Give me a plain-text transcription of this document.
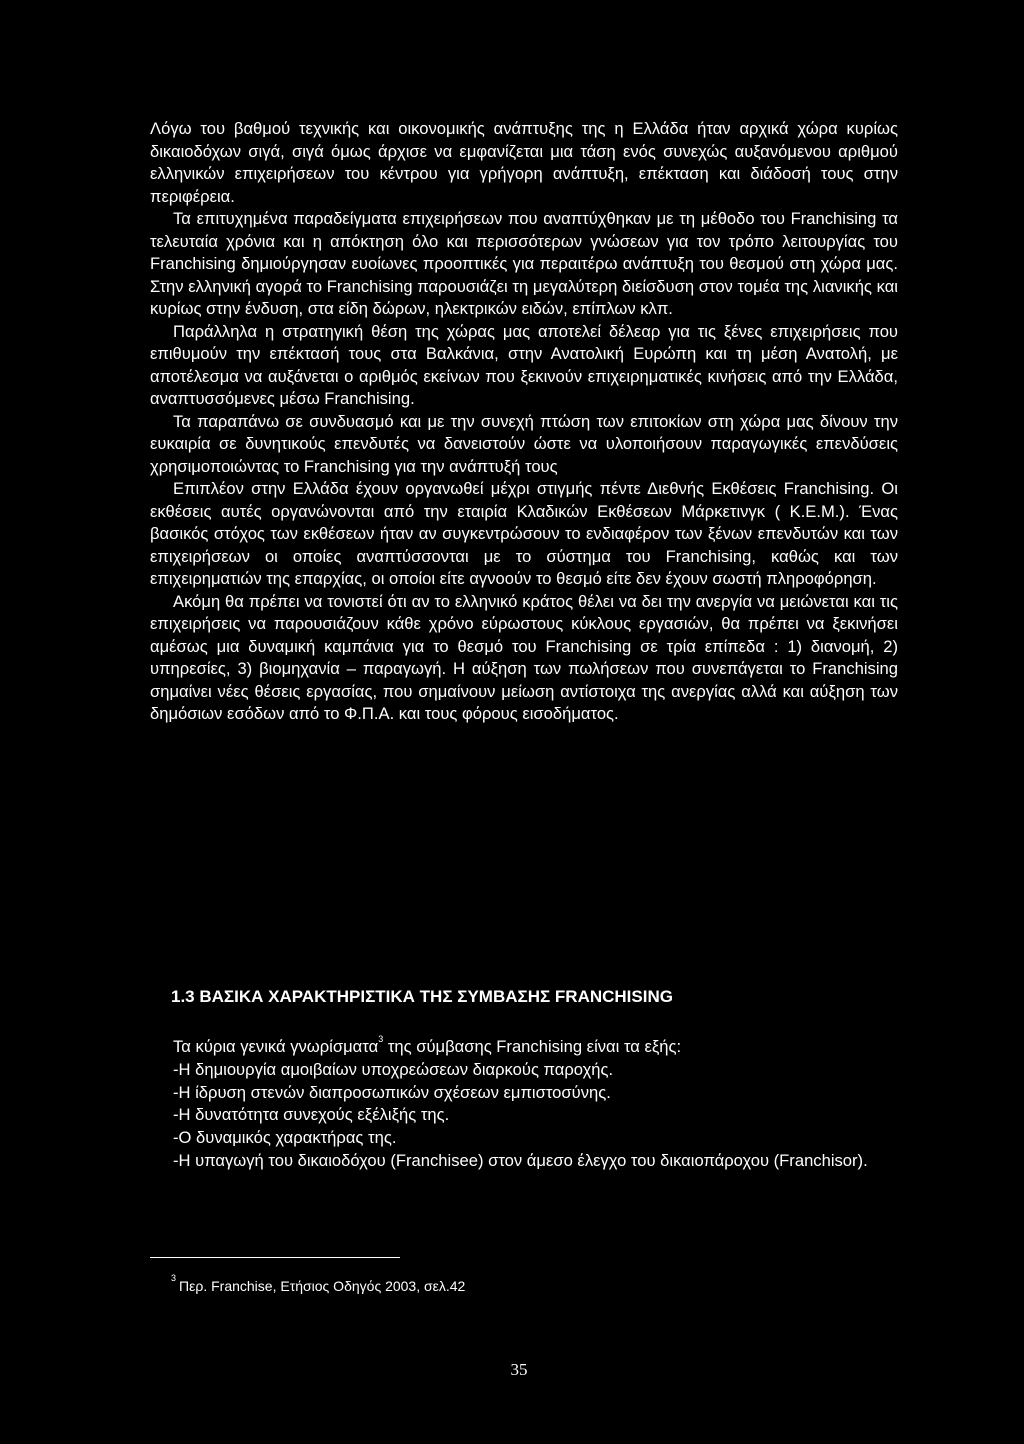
Λόγω του βαθμού τεχνικής και οικονομικής ανάπτυξης της η Ελλάδα ήταν αρχικά χώρα κυρίως δικαιοδόχων σιγά, σιγά όμως άρχισε να εμφανίζεται μια τάση ενός συνεχώς αυξανόμενου αριθμού ελληνικών επιχειρήσεων του κέντρου για γρήγορη ανάπτυξη, επέκταση και διάδοσή τους στην περιφέρεια.

Τα επιτυχημένα παραδείγματα επιχειρήσεων που αναπτύχθηκαν με τη μέθοδο του Franchising τα τελευταία χρόνια και η απόκτηση όλο και περισσότερων γνώσεων για τον τρόπο λειτουργίας του Franchising δημιούργησαν ευοίωνες προοπτικές για περαιτέρω ανάπτυξη του θεσμού στη χώρα μας. Στην ελληνική αγορά το Franchising παρουσιάζει τη μεγαλύτερη διείσδυση στον τομέα της λιανικής και κυρίως στην ένδυση, στα είδη δώρων, ηλεκτρικών ειδών, επίπλων κλπ.

Παράλληλα η στρατηγική θέση της χώρας μας αποτελεί δέλεαρ για τις ξένες επιχειρήσεις που επιθυμούν την επέκτασή τους στα Βαλκάνια, στην Ανατολική Ευρώπη και τη μέση Ανατολή, με αποτέλεσμα να αυξάνεται ο αριθμός εκείνων που ξεκινούν επιχειρηματικές κινήσεις από την Ελλάδα, αναπτυσσόμενες μέσω Franchising.

Τα παραπάνω σε συνδυασμό και με την συνεχή πτώση των επιτοκίων στη χώρα μας δίνουν την ευκαιρία σε δυνητικούς επενδυτές να δανειστούν ώστε να υλοποιήσουν παραγωγικές επενδύσεις χρησιμοποιώντας το Franchising για την ανάπτυξή τους

Επιπλέον στην Ελλάδα έχουν οργανωθεί μέχρι στιγμής πέντε Διεθνής Εκθέσεις Franchising. Οι εκθέσεις αυτές οργανώνονται από την εταιρία Κλαδικών Εκθέσεων Μάρκετινγκ ( Κ.Ε.Μ.). Ένας βασικός στόχος των εκθέσεων ήταν αν συγκεντρώσουν το ενδιαφέρον των ξένων επενδυτών και των επιχειρήσεων οι οποίες αναπτύσσονται με το σύστημα του Franchising, καθώς και των επιχειρηματιών της επαρχίας, οι οποίοι είτε αγνοούν το θεσμό είτε δεν έχουν σωστή πληροφόρηση.

Ακόμη θα πρέπει να τονιστεί ότι αν το ελληνικό κράτος θέλει να δει την ανεργία να μειώνεται και τις επιχειρήσεις να παρουσιάζουν κάθε χρόνο εύρωστους κύκλους εργασιών, θα πρέπει να ξεκινήσει αμέσως μια δυναμική καμπάνια για το θεσμό του Franchising σε τρία επίπεδα : 1) διανομή, 2) υπηρεσίες, 3) βιομηχανία – παραγωγή. Η αύξηση των πωλήσεων που συνεπάγεται το Franchising σημαίνει νέες θέσεις εργασίας, που σημαίνουν μείωση αντίστοιχα της ανεργίας αλλά και αύξηση των δημόσιων εσόδων από το Φ.Π.Α. και τους φόρους εισοδήματος.

1.3 ΒΑΣΙΚΑ ΧΑΡΑΚΤΗΡΙΣΤΙΚΑ ΤΗΣ ΣΥΜΒΑΣΗΣ FRANCHISING

Τα κύρια γενικά γνωρίσματα$^3$ της σύμβασης Franchising είναι τα εξής:

-Η δημιουργία αμοιβαίων υποχρεώσεων διαρκούς παροχής.

-Η ίδρυση στενών διαπροσωπικών σχέσεων εμπιστοσύνης.

-Η δυνατότητα συνεχούς εξέλιξής της.

-Ο δυναμικός χαρακτήρας της.

-Η υπαγωγή του δικαιοδόχου (Franchisee) στον άμεσο έλεγχο του δικαιοπάροχου (Franchisor).

$^3$ Περ. Franchise, Ετήσιος Οδηγός 2003, σελ.42
35
